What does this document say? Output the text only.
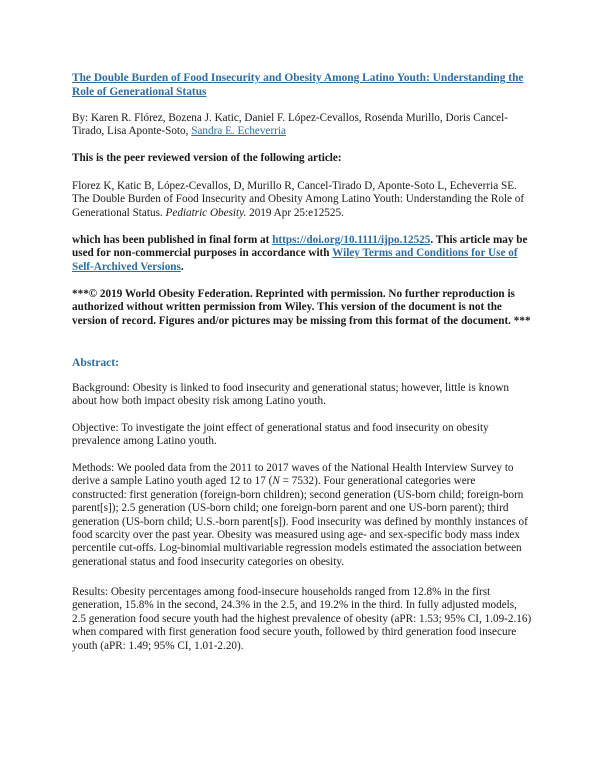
The Double Burden of Food Insecurity and Obesity Among Latino Youth: Understanding the Role of Generational Status
By: Karen R. Flórez, Bozena J. Katic, Daniel F. López-Cevallos, Rosenda Murillo, Doris Cancel-Tirado, Lisa Aponte-Soto, Sandra E. Echeverria
This is the peer reviewed version of the following article:
Florez K, Katic B, López-Cevallos, D, Murillo R, Cancel-Tirado D, Aponte-Soto L, Echeverria SE. The Double Burden of Food Insecurity and Obesity Among Latino Youth: Understanding the Role of Generational Status. Pediatric Obesity. 2019 Apr 25:e12525.
which has been published in final form at https://doi.org/10.1111/ijpo.12525. This article may be used for non-commercial purposes in accordance with Wiley Terms and Conditions for Use of Self-Archived Versions.
***© 2019 World Obesity Federation. Reprinted with permission. No further reproduction is authorized without written permission from Wiley. This version of the document is not the version of record. Figures and/or pictures may be missing from this format of the document. ***
Abstract:
Background: Obesity is linked to food insecurity and generational status; however, little is known about how both impact obesity risk among Latino youth.
Objective: To investigate the joint effect of generational status and food insecurity on obesity prevalence among Latino youth.
Methods: We pooled data from the 2011 to 2017 waves of the National Health Interview Survey to derive a sample Latino youth aged 12 to 17 (N = 7532). Four generational categories were constructed: first generation (foreign-born children); second generation (US-born child; foreign-born parent[s]); 2.5 generation (US-born child; one foreign-born parent and one US-born parent); third generation (US-born child; U.S.-born parent[s]). Food insecurity was defined by monthly instances of food scarcity over the past year. Obesity was measured using age- and sex-specific body mass index percentile cut-offs. Log-binomial multivariable regression models estimated the association between generational status and food insecurity categories on obesity.
Results: Obesity percentages among food-insecure households ranged from 12.8% in the first generation, 15.8% in the second, 24.3% in the 2.5, and 19.2% in the third. In fully adjusted models, 2.5 generation food secure youth had the highest prevalence of obesity (aPR: 1.53; 95% CI, 1.09-2.16) when compared with first generation food secure youth, followed by third generation food insecure youth (aPR: 1.49; 95% CI, 1.01-2.20).
